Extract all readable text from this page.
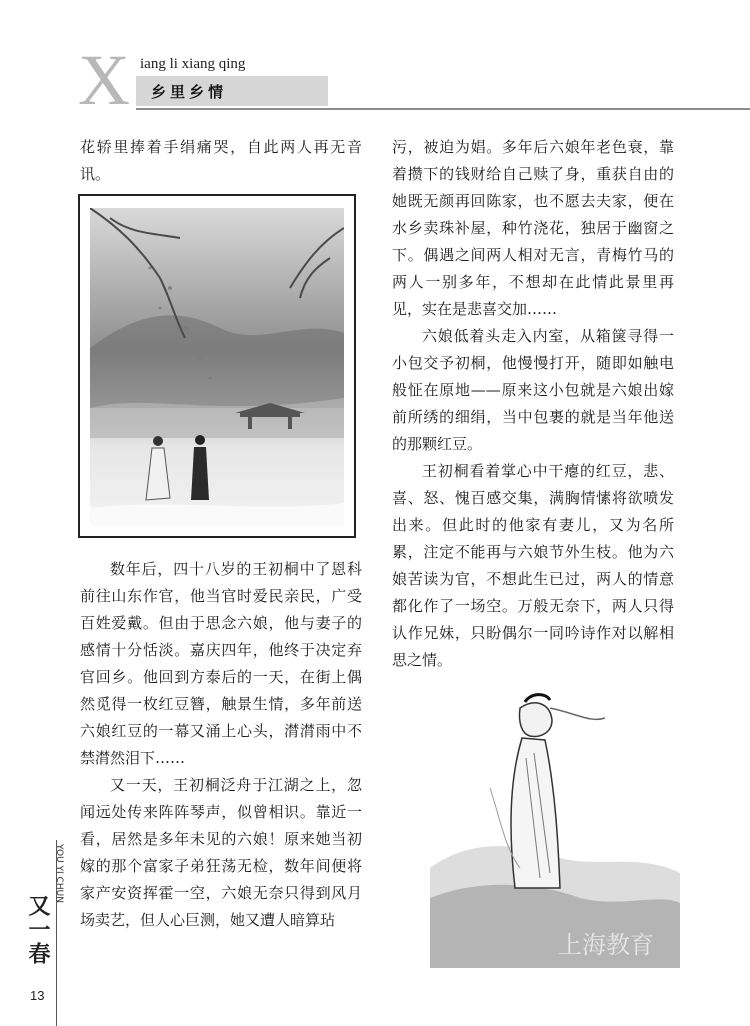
X iang li xiang qing
乡里乡情

花轿里捧着手绢痛哭，自此两人再无音讯。

数年后，四十八岁的王初桐中了恩科前往山东作官，他当官时爱民亲民，广受百姓爱戴。但由于思念六娘，他与妻子的感情十分恬淡。嘉庆四年，他终于决定弃官回乡。他回到方泰后的一天，在街上偶然觅得一枚红豆簪，触景生情，多年前送六娘红豆的一幕又涌上心头，潸潸雨中不禁潸然泪下……

又一天，王初桐泛舟于江湖之上，忽闻远处传来阵阵琴声，似曾相识。靠近一看，居然是多年未见的六娘！原来她当初嫁的那个富家子弟狂荡无检，数年间便将家产安资挥霍一空，六娘无奈只得到风月场卖艺，但人心巨测，她又遭人暗算玷

污，被迫为娼。多年后六娘年老色衰，靠着攒下的钱财给自己赎了身，重获自由的她既无颜再回陈家，也不愿去夫家，便在水乡卖珠补屋，种竹浇花，独居于幽窗之下。偶遇之间两人相对无言，青梅竹马的两人一别多年，不想却在此情此景里再见，实在是悲喜交加……

六娘低着头走入内室，从箱箧寻得一小包交予初桐，他慢慢打开，随即如触电般怔在原地——原来这小包就是六娘出嫁前所绣的细绢，当中包裹的就是当年他送的那颗红豆。

王初桐看着掌心中干瘪的红豆，悲、喜、怒、愧百感交集，满胸情愫将欲喷发出来。但此时的他家有妻儿，又为名所累，注定不能再与六娘节外生枝。他为六娘苦读为官，不想此生已过，两人的情意都化作了一场空。万般无奈下，两人只得认作兄妹，只盼偶尔一同吟诗作对以解相思之情。

上海教育
YOU YI CHUN
又一春
13
